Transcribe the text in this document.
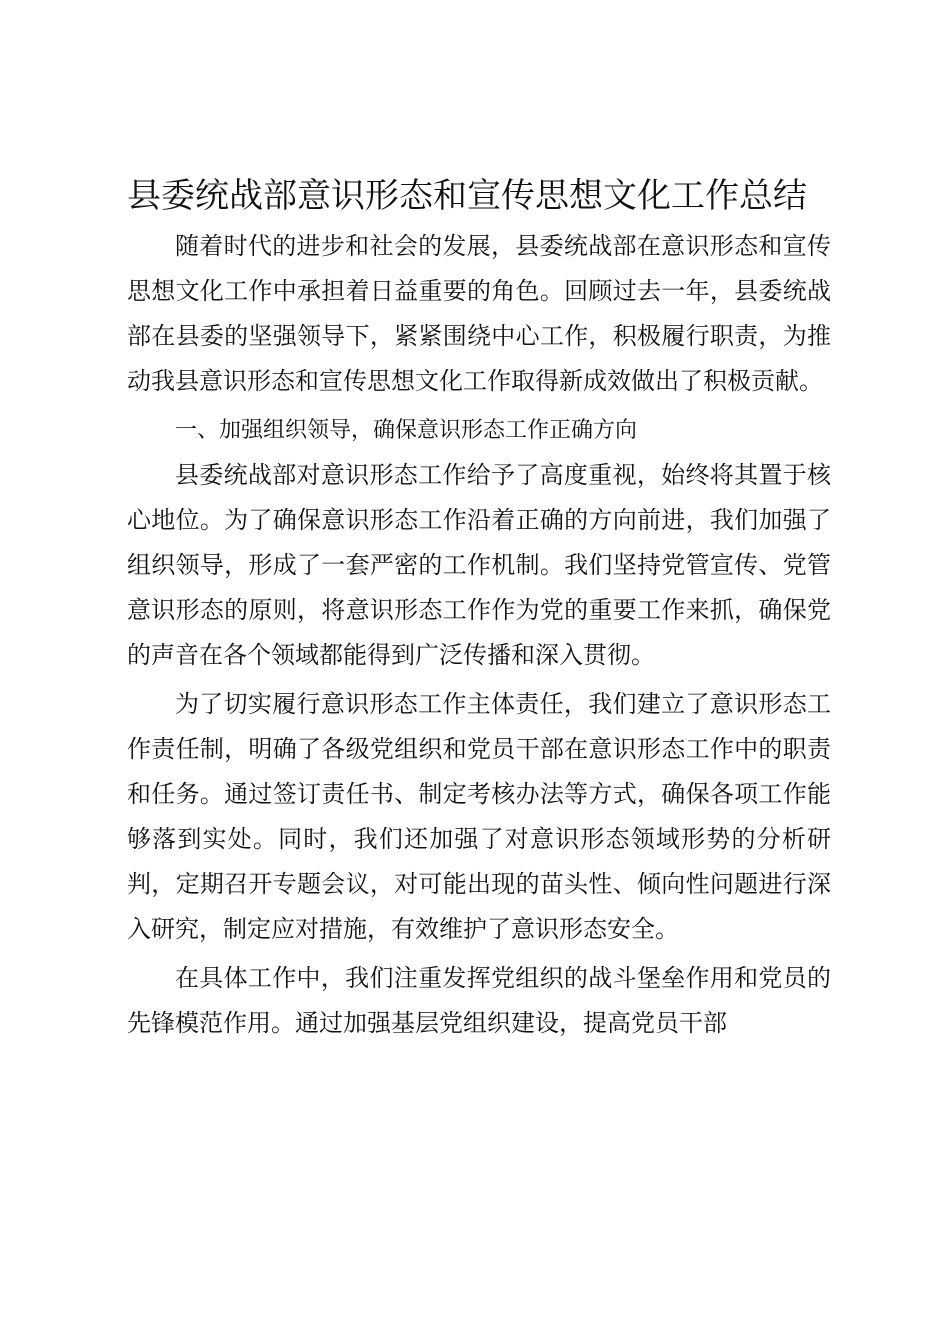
县委统战部意识形态和宣传思想文化工作总结

随着时代的进步和社会的发展，县委统战部在意识形态和宣传思想文化工作中承担着日益重要的角色。回顾过去一年，县委统战部在县委的坚强领导下，紧紧围绕中心工作，积极履行职责，为推动我县意识形态和宣传思想文化工作取得新成效做出了积极贡献。

一、加强组织领导，确保意识形态工作正确方向

县委统战部对意识形态工作给予了高度重视，始终将其置于核心地位。为了确保意识形态工作沿着正确的方向前进，我们加强了组织领导，形成了一套严密的工作机制。我们坚持党管宣传、党管意识形态的原则，将意识形态工作作为党的重要工作来抓，确保党的声音在各个领域都能得到广泛传播和深入贯彻。

为了切实履行意识形态工作主体责任，我们建立了意识形态工作责任制，明确了各级党组织和党员干部在意识形态工作中的职责和任务。通过签订责任书、制定考核办法等方式，确保各项工作能够落到实处。同时，我们还加强了对意识形态领域形势的分析研判，定期召开专题会议，对可能出现的苗头性、倾向性问题进行深入研究，制定应对措施，有效维护了意识形态安全。

在具体工作中，我们注重发挥党组织的战斗堡垒作用和党员的先锋模范作用。通过加强基层党组织建设，提高党员干部
